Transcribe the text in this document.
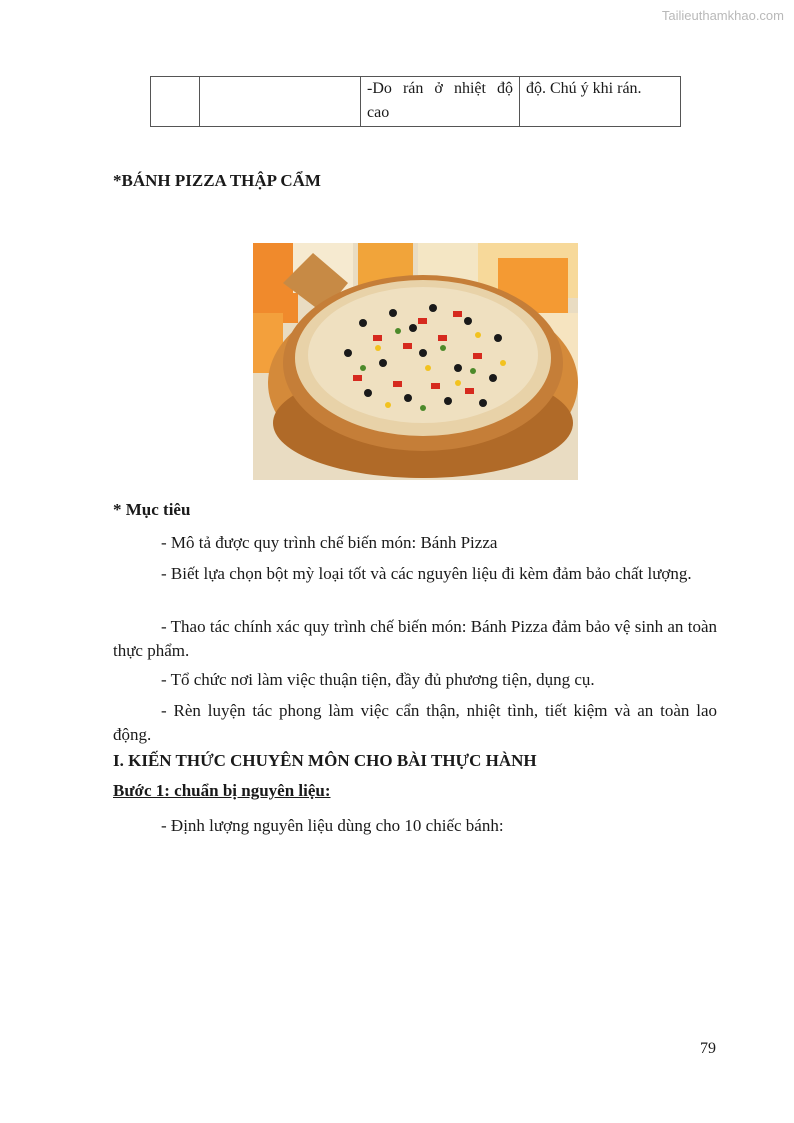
Tailieuthamkhao.com
		-Do rán ở nhiệt độ
cao
	độ. Chú ý khi rán.
*BÁNH PIZZA THẬP CẨM

* Mục tiêu

- Mô tả được quy trình chế biến món: Bánh Pizza

- Biết lựa chọn bột mỳ loại tốt và các nguyên liệu đi kèm đảm bảo chất lượng.

- Thao tác chính xác quy trình chế biến món: Bánh Pizza đảm bảo vệ sinh an toàn thực phẩm.

- Tổ chức nơi làm việc thuận tiện, đầy đủ phương tiện, dụng cụ.

- Rèn luyện tác phong làm việc cẩn thận, nhiệt tình, tiết kiệm và an toàn lao động.

I. KIẾN THỨC CHUYÊN MÔN CHO BÀI THỰC HÀNH

Bước 1: chuẩn bị nguyên liệu:

- Định lượng nguyên liệu dùng cho 10 chiếc bánh:

79
